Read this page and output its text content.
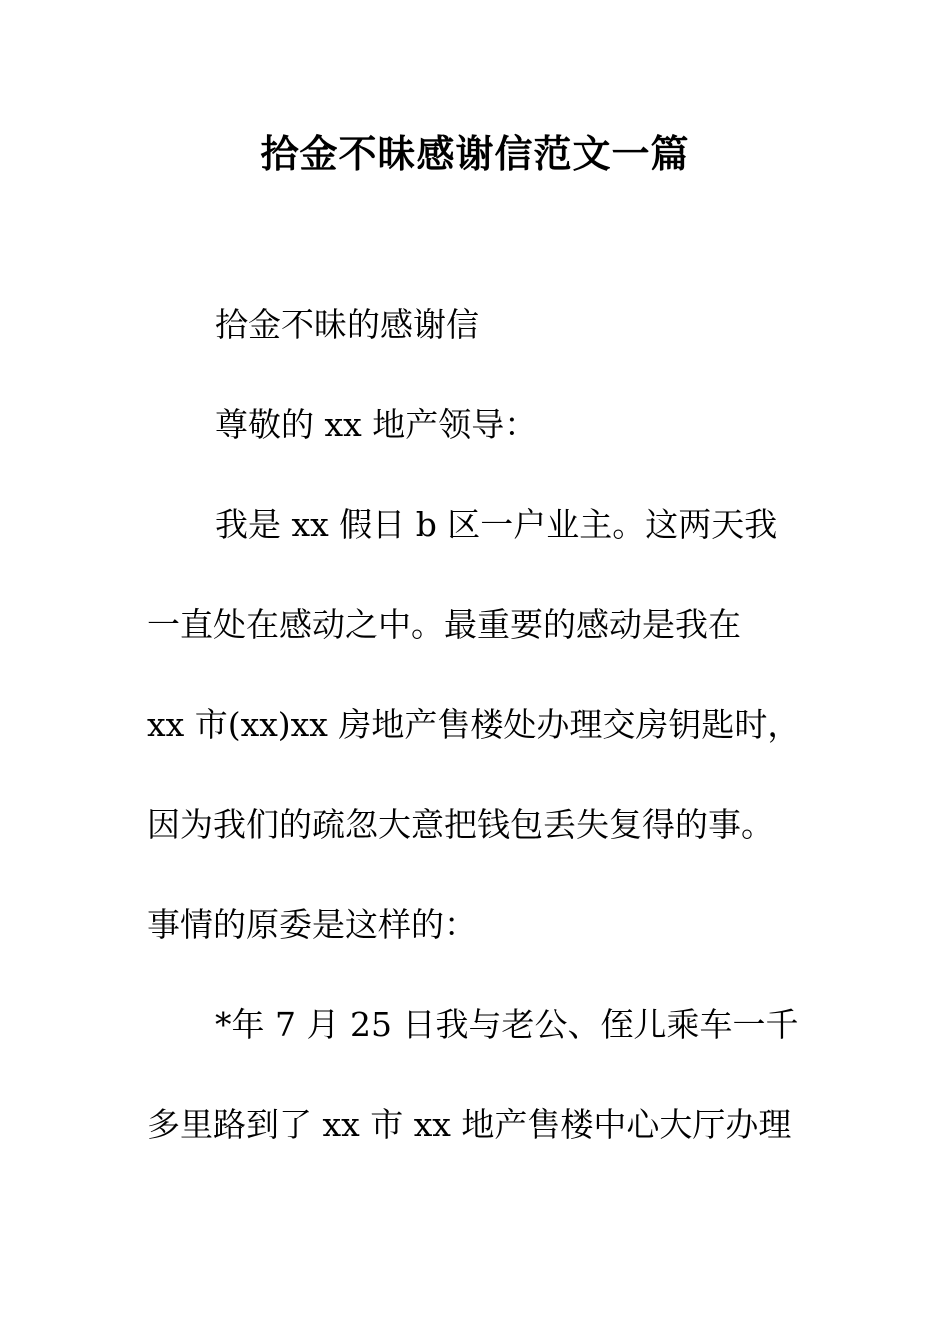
拾金不昧感谢信范文一篇
拾金不昧的感谢信
尊敬的 xx 地产领导：
我是 xx 假日 b 区一户业主。这两天我
一直处在感动之中。最重要的感动是我在
xx 市(xx)xx 房地产售楼处办理交房钥匙时，
因为我们的疏忽大意把钱包丢失复得的事。
事情的原委是这样的：
*年 7 月 25 日我与老公、侄儿乘车一千
多里路到了 xx 市 xx 地产售楼中心大厅办理
